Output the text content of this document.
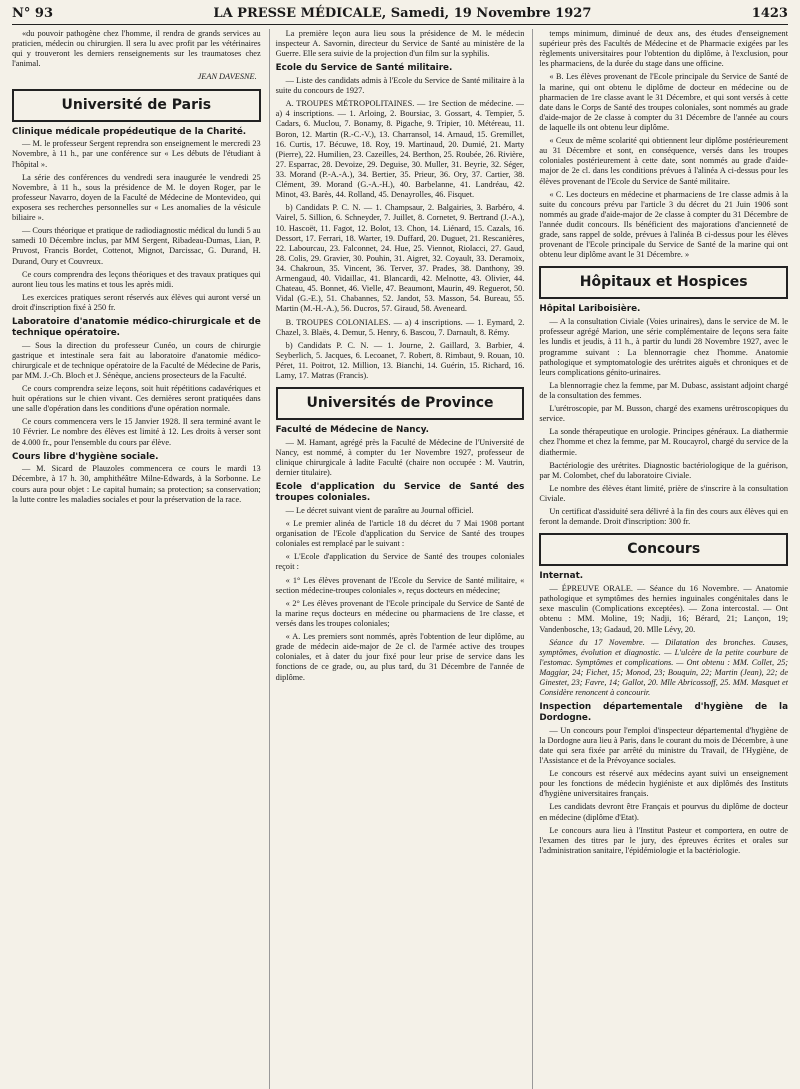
N° 93	LA PRESSE MÉDICALE, Samedi, 19 Novembre 1927	1423

«du pouvoir pathogène chez l'homme, il rendra de grands services au praticien, médecin ou chirurgien. Il sera lu avec profit par les vétérinaires qui y trouveront les derniers renseignements sur les traumatoses chez l'animal.

JEAN DAVESNE.
Université de Paris
Clinique médicale propédeutique de la Charité.

— M. le professeur Sergent reprendra son enseignement le mercredi 23 Novembre, à 11 h., par une conférence sur « Les débuts de l'étudiant à l'hôpital ».

La série des conférences du vendredi sera inaugurée le vendredi 25 Novembre, à 11 h., sous la présidence de M. le doyen Roger, par le professeur Navarro, doyen de la Faculté de Médecine de Montevideo, qui exposera ses recherches personnelles sur « Les anomalies de la vésicule biliaire ».

— Cours théorique et pratique de radiodiagnostic médical du lundi 5 au samedi 10 Décembre inclus, par MM Sergent, Ribadeau-Dumas, Lian, P. Pruvost, Francis Bordet, Cottenot, Mignot, Darcissac, G. Durand, H. Durand, Oury et Couvreux.

Ce cours comprendra des leçons théoriques et des travaux pratiques qui auront lieu tous les matins et tous les après midi.

Les exercices pratiques seront réservés aux élèves qui auront versé un droit d'inscription fixé à 250 fr.

Laboratoire d'anatomie médico-chirurgicale et de technique opératoire.

— Sous la direction du professeur Cunéo, un cours de chirurgie gastrique et intestinale sera fait au laboratoire d'anatomie médico-chirurgicale et de technique opératoire de la Faculté de Médecine de Paris, par MM. J.-Ch. Bloch et J. Sénèque, anciens prosecteurs de la Faculté.

Ce cours comprendra seize leçons, soit huit répétitions cadavériques et huit opérations sur le chien vivant. Ces dernières seront pratiquées dans une salle d'opération dans les conditions d'une opération normale.

Ce cours commencera vers le 15 Janvier 1928. Il sera terminé avant le 10 Février. Le nombre des élèves est limité à 12. Les droits à verser sont de 4.000 fr., pour l'ensemble du cours par élève.

Cours libre d'hygiène sociale.

— M. Sicard de Plauzoles commencera ce cours le mardi 13 Décembre, à 17 h. 30, amphithéâtre Milne-Edwards, à la Sorbonne. Le cours aura pour objet : Le capital humain; sa protection; sa conservation; la lutte contre les maladies sociales et pour la préservation de la race.

La première leçon aura lieu sous la présidence de M. le médecin inspecteur A. Savornin, directeur du Service de Santé au ministère de la Guerre. Elle sera suivie de la projection d'un film sur la syphilis.

Ecole du Service de Santé militaire.

— Liste des candidats admis à l'Ecole du Service de Santé militaire à la suite du concours de 1927.

A. TROUPES MÉTROPOLITAINES. — 1re Section de médecine. — a) 4 inscriptions. — 1. Arloing, 2. Boursiac, 3. Gossart, 4. Tempier, 5. Cadars, 6. Muclou, 7. Bonamy, 8. Pigache, 9. Tripier, 10. Météreau, 11. Boron, 12. Martin (R.-C.-V.), 13. Charransol, 14. Arnaud, 15. Gremillet, 16. Curtis, 17. Bécuwe, 18. Roy, 19. Martinaud, 20. Dumié, 21. Marty (Pierre), 22. Humilien, 23. Cazeilles, 24. Berthon, 25. Roubée, 26. Rivière, 27. Esparrac, 28. Devoize, 29. Deguise, 30. Muller, 31. Beyrie, 32. Séger, 33. Morand (P.-A.-A.), 34. Bertier, 35. Prieur, 36. Ory, 37. Cartier, 38. Clément, 39. Morand (G.-A.-H.), 40. Barbelanne, 41. Landréau, 42. Minot, 43. Barès, 44. Rolland, 45. Denayrolles, 46. Fisquet.

b) Candidats P. C. N. — 1. Champsaur, 2. Balgairies, 3. Barbéro, 4. Vairel, 5. Sillion, 6. Schneyder, 7. Juillet, 8. Cornetet, 9. Bertrand (J.-A.), 10. Hascoët, 11. Fagot, 12. Bolot, 13. Chon, 14. Liénard, 15. Cazals, 16. Dessort, 17. Ferrari, 18. Warter, 19. Duffard, 20. Duguet, 21. Rescanières, 22. Labourcau, 23. Falconnet, 24. Hue, 25. Viennot, Riolacci, 27. Gaud, 28. Colis, 29. Gravier, 30. Pouhin, 31. Aigret, 32. Coyault, 33. Deramoix, 34. Chakroun, 35. Vincent, 36. Terver, 37. Prades, 38. Danthony, 39. Armengaud, 40. Vidaillac, 41. Blancardi, 42. Melnotte, 43. Olivier, 44. Chateau, 45. Bonnet, 46. Vielle, 47. Beaumont, Maurin, 49. Reguerot, 50. Vidal (G.-E.), 51. Chabannes, 52. Jandot, 53. Masson, 54. Bureau, 55. Martin (M.-H.-A.), 56. Ducros, 57. Giraud, 58. Aveneard.

B. TROUPES COLONIALES. — a) 4 inscriptions. — 1. Eymard, 2. Chazel, 3. Blaës, 4. Demur, 5. Henry, 6. Bascou, 7. Darnault, 8. Rémy.

b) Candidats P. C. N. — 1. Journe, 2. Gaillard, 3. Barbier, 4. Seyberlich, 5. Jacques, 6. Lecoanet, 7. Robert, 8. Rimbaut, 9. Rouan, 10. Péret, 11. Poitrot, 12. Million, 13. Bianchi, 14. Guérin, 15. Richard, 16. Lamy, 17. Matras (Francis).

Universités de Province
Faculté de Médecine de Nancy.

— M. Hamant, agrégé près la Faculté de Médecine de l'Université de Nancy, est nommé, à compter du 1er Novembre 1927, professeur de clinique chirurgicale à ladite Faculté (chaire non occupée : M. Vautrin, dernier titulaire).

Ecole d'application du Service de Santé des troupes coloniales.

— Le décret suivant vient de paraître au Journal officiel.

« Le premier alinéa de l'article 18 du décret du 7 Mai 1908 portant organisation de l'Ecole d'application du Service de Santé des troupes coloniales est remplacé par le suivant :

« L'Ecole d'application du Service de Santé des troupes coloniales reçoit :

« 1° Les élèves provenant de l'Ecole du Service de Santé militaire, « section médecine-troupes coloniales », reçus docteurs en médecine;

« 2° Les élèves provenant de l'Ecole principale du Service de Santé de la marine reçus docteurs en médecine ou pharmaciens de 1re classe, et versés dans les troupes coloniales;

« A. Les premiers sont nommés, après l'obtention de leur diplôme, au grade de médecin aide-major de 2e cl. de l'armée active des troupes coloniales, et à dater du jour fixé pour leur prise de service dans les fonctions de ce grade, ou, au plus tard, du 31 Décembre de l'année de diplôme.

temps minimum, diminué de deux ans, des études d'enseignement supérieur près des Facultés de Médecine et de Pharmacie exigées par les règlements universitaires pour l'obtention du diplôme, à l'exclusion, pour les pharmaciens, de la durée du stage dans une officine.

« B. Les élèves provenant de l'Ecole principale du Service de Santé de la marine, qui ont obtenu le diplôme de docteur en médecine ou de pharmacien de 1re classe avant le 31 Décembre, et qui sont versés à cette date dans le Corps de Santé des troupes coloniales, sont nommés au grade d'aide-major de 2e classe à compter du 31 Décembre de l'année au cours de laquelle ils ont obtenu leur diplôme.

« Ceux de même scolarité qui obtiennent leur diplôme postérieurement au 31 Décembre et sont, en conséquence, versés dans les troupes coloniales postérieurement à cette date, sont nommés au grade d'aide-major de 2e cl. dans les conditions prévues à l'alinéa A ci-dessus pour les élèves provenant de l'Ecole du Service de Santé militaire.

« C. Les docteurs en médecine et pharmaciens de 1re classe admis à la suite du concours prévu par l'article 3 du décret du 21 Juin 1906 sont nommés au grade d'aide-major de 2e classe à compter du 31 Décembre de l'année dudit concours. Ils bénéficient des majorations d'ancienneté de grade, sans rappel de solde, prévues à l'alinéa B ci-dessus pour les élèves provenant de l'Ecole principale du Service de Santé de la marine qui ont obtenu leur diplôme avant le 31 Décembre. »

Hôpitaux et Hospices
Hôpital Lariboisière.

— A la consultation Civiale (Voies urinaires), dans le service de M. le professeur agrégé Marion, une série complémentaire de leçons sera faite les lundis et jeudis, à 11 h., à partir du lundi 28 Novembre 1927, avec le programme suivant : La blennorragie chez l'homme. Anatomie pathologique et symptomatologie des urétrites aiguës et chroniques et de leurs complications génito-urinaires.

La blennorragie chez la femme, par M. Dubasc, assistant adjoint chargé de la consultation des femmes.

L'urétroscopie, par M. Busson, chargé des examens urétroscopiques du service.

La sonde thérapeutique en urologie. Principes généraux. La diathermie chez l'homme et chez la femme, par M. Roucayrol, chargé du service de la diathermie.

Bactériologie des urétrites. Diagnostic bactériologique de la guérison, par M. Colombet, chef du laboratoire Civiale.

Le nombre des élèves étant limité, prière de s'inscrire à la consultation Civiale.

Un certificat d'assiduité sera délivré à la fin des cours aux élèves qui en feront la demande. Droit d'inscription: 300 fr.

Concours
Internat.

— ÉPREUVE ORALE. — Séance du 16 Novembre. — Anatomie pathologique et symptômes des hernies inguinales congénitales dans le sexe masculin (Complications exceptées). — Zona intercostal. — Ont obtenu : MM. Moline, 19; Nadji, 16; Bérard, 21; Lançon, 19; Vandenbosche, 13; Gadaud, 20. Mlle Lévy, 20.

Séance du 17 Novembre. — Dilatation des bronches. Causes, symptômes, évolution et diagnostic. — L'ulcère de la petite courbure de l'estomac. Symptômes et complications. — Ont obtenu : MM. Collet, 25; Maggiar, 24; Fichet, 15; Monod, 23; Bouquin, 22; Martin (Jean), 22; de Ginestet, 23; Favre, 14; Gallot, 20. Mlle Abricossoff, 25. MM. Masquet et Considère renoncent à concourir.

Inspection départementale d'hygiène de la Dordogne.

— Un concours pour l'emploi d'inspecteur départemental d'hygiène de la Dordogne aura lieu à Paris, dans le courant du mois de Décembre, à une date qui sera fixée par arrêté du ministre du Travail, de l'Hygiène, de l'Assistance et de la Prévoyance sociales.

Le concours est réservé aux médecins ayant suivi un enseignement pour les fonctions de médecin hygiéniste et aux diplômés des Instituts d'hygiène universitaires français.

Les candidats devront être Français et pourvus du diplôme de docteur en médecine (diplôme d'Etat).

Le concours aura lieu à l'Institut Pasteur et comportera, en outre de l'examen des titres par le jury, des épreuves écrites et orales sur l'administration sanitaire, l'épidémiologie et la bactériologie.
